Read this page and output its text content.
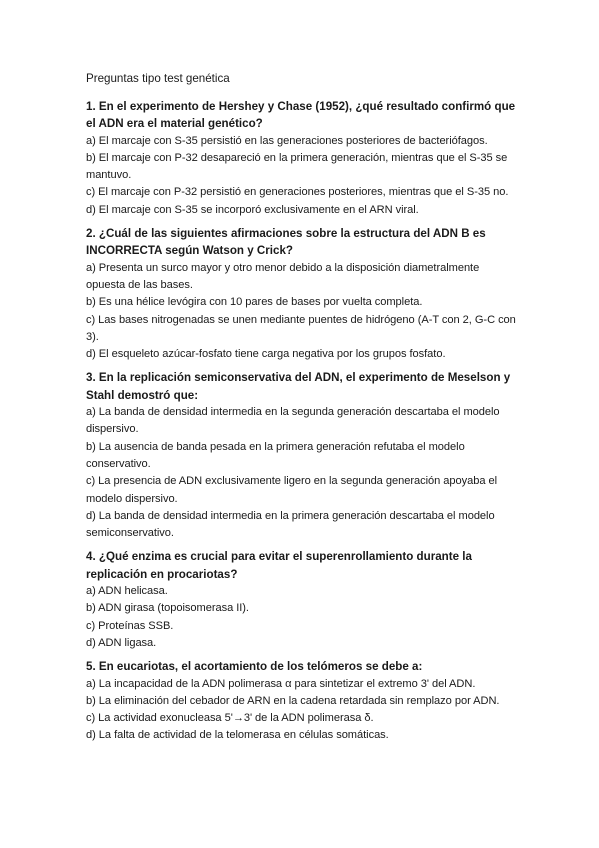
Preguntas tipo test genética

1. En el experimento de Hershey y Chase (1952), ¿qué resultado confirmó que el ADN era el material genético?

a) El marcaje con S-35 persistió en las generaciones posteriores de bacteriófagos.

b) El marcaje con P-32 desapareció en la primera generación, mientras que el S-35 se mantuvo.

c) El marcaje con P-32 persistió en generaciones posteriores, mientras que el S-35 no.

d) El marcaje con S-35 se incorporó exclusivamente en el ARN viral.

2. ¿Cuál de las siguientes afirmaciones sobre la estructura del ADN B es INCORRECTA según Watson y Crick?

a) Presenta un surco mayor y otro menor debido a la disposición diametralmente opuesta de las bases.

b) Es una hélice levógira con 10 pares de bases por vuelta completa.

c) Las bases nitrogenadas se unen mediante puentes de hidrógeno (A-T con 2, G-C con 3).

d) El esqueleto azúcar-fosfato tiene carga negativa por los grupos fosfato.

3. En la replicación semiconservativa del ADN, el experimento de Meselson y Stahl demostró que:

a) La banda de densidad intermedia en la segunda generación descartaba el modelo dispersivo.

b) La ausencia de banda pesada en la primera generación refutaba el modelo conservativo.

c) La presencia de ADN exclusivamente ligero en la segunda generación apoyaba el modelo dispersivo.

d) La banda de densidad intermedia en la primera generación descartaba el modelo semiconservativo.

4. ¿Qué enzima es crucial para evitar el superenrollamiento durante la replicación en procariotas?

a) ADN helicasa.

b) ADN girasa (topoisomerasa II).

c) Proteínas SSB.

d) ADN ligasa.

5. En eucariotas, el acortamiento de los telómeros se debe a:

a) La incapacidad de la ADN polimerasa α para sintetizar el extremo 3' del ADN.

b) La eliminación del cebador de ARN en la cadena retardada sin remplazo por ADN.

c) La actividad exonucleasa 5'→3' de la ADN polimerasa δ.

d) La falta de actividad de la telomerasa en células somáticas.
